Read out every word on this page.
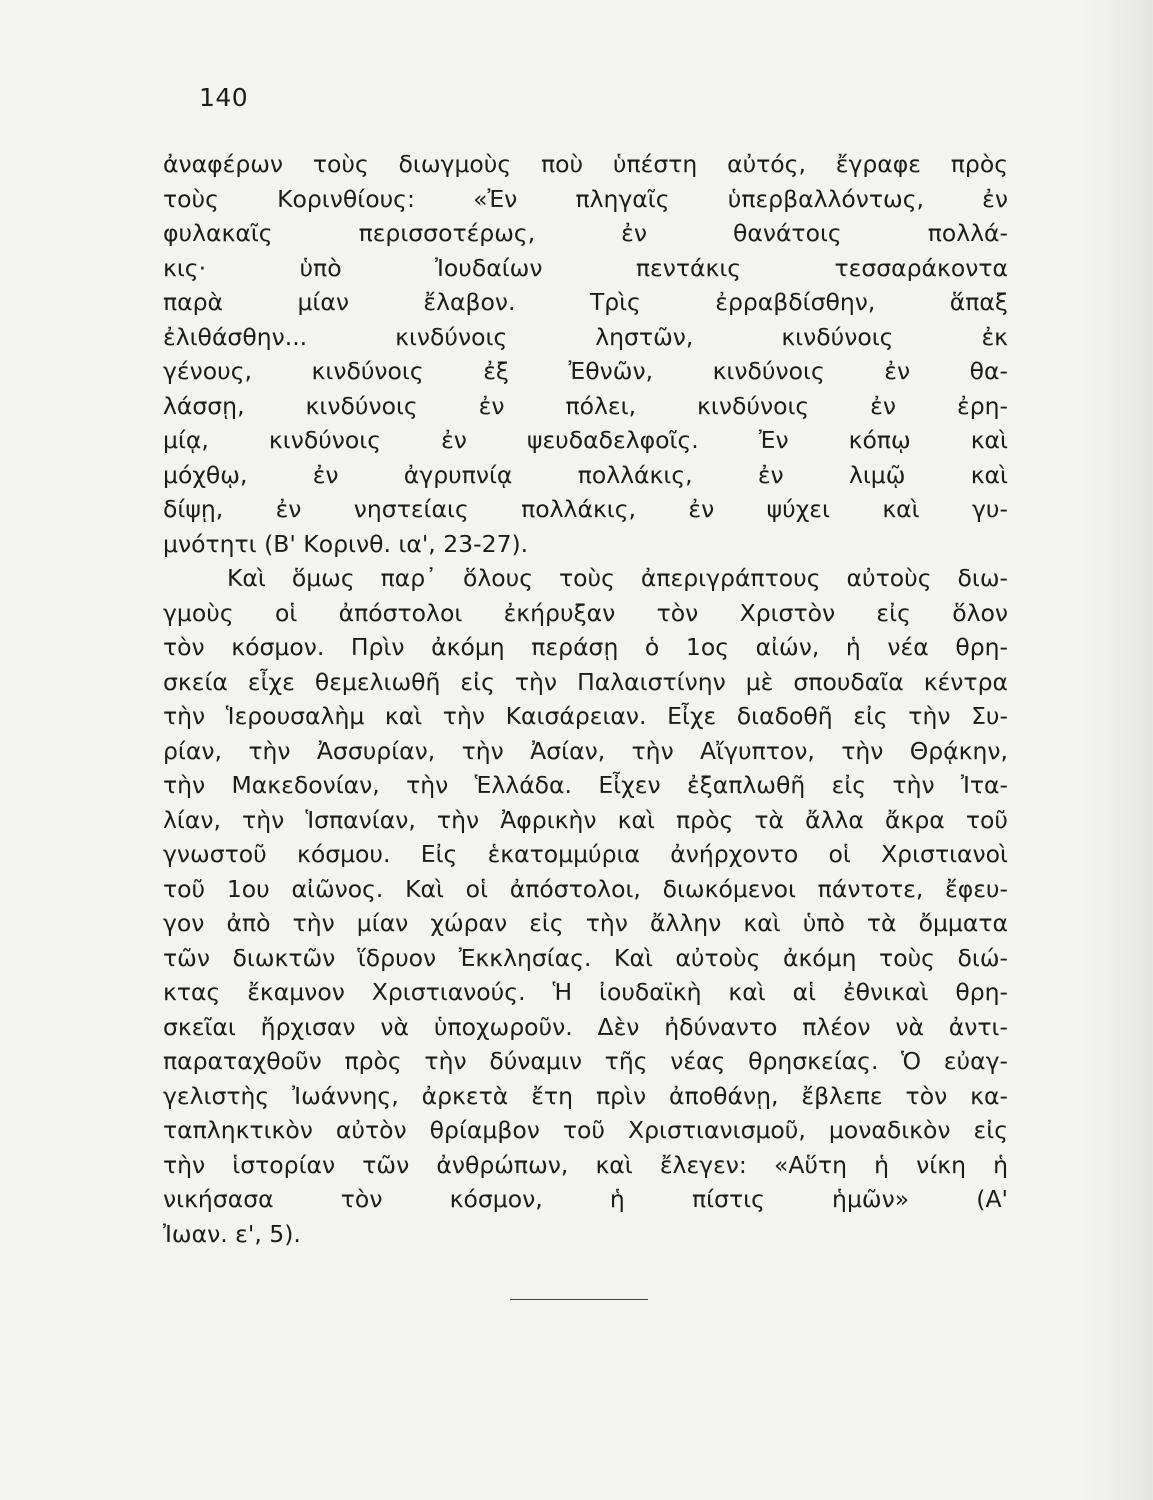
140
ἀναφέρων τοὺς διωγμοὺς ποὺ ὑπέστη αὐτός, ἔγραφε πρὸς
τοὺς Κορινθίους: «Ἐν πληγαῖς ὑπερβαλλόντως, ἐν
φυλακαῖς περισσοτέρως, ἐν θανάτοις πολλά-
κις· ὑπὸ Ἰουδαίων πεντάκις τεσσαράκοντα
παρὰ μίαν ἔλαβον. Τρὶς ἐρραβδίσθην, ἅπαξ
ἐλιθάσθην... κινδύνοις ληστῶν, κινδύνοις ἐκ
γένους, κινδύνοις ἐξ Ἐθνῶν, κινδύνοις ἐν θα-
λάσσῃ, κινδύνοις ἐν πόλει, κινδύνοις ἐν ἐρη-
μίᾳ, κινδύνοις ἐν ψευδαδελφοῖς. Ἐν κόπῳ καὶ
μόχθῳ, ἐν ἀγρυπνίᾳ πολλάκις, ἐν λιμῷ καὶ
δίψῃ, ἐν νηστείαις πολλάκις, ἐν ψύχει καὶ γυ-
μνότητι (Β' Κορινθ. ια', 23-27).
Καὶ ὅμως παρ᾿ ὅλους τοὺς ἀπεριγράπτους αὐτοὺς διω-
γμοὺς οἱ ἀπόστολοι ἐκήρυξαν τὸν Χριστὸν εἰς ὅλον
τὸν κόσμον. Πρὶν ἀκόμη περάσῃ ὁ 1ος αἰών, ἡ νέα θρη-
σκεία εἶχε θεμελιωθῆ εἰς τὴν Παλαιστίνην μὲ σπουδαῖα κέντρα
τὴν Ἱερουσαλὴμ καὶ τὴν Καισάρειαν. Εἶχε διαδοθῆ εἰς τὴν Συ-
ρίαν, τὴν Ἀσσυρίαν, τὴν Ἀσίαν, τὴν Αἴγυπτον, τὴν Θρᾴκην,
τὴν Μακεδονίαν, τὴν Ἑλλάδα. Εἶχεν ἐξαπλωθῆ εἰς τὴν Ἰτα-
λίαν, τὴν Ἱσπανίαν, τὴν Ἀφρικὴν καὶ πρὸς τὰ ἄλλα ἄκρα τοῦ
γνωστοῦ κόσμου. Εἰς ἑκατομμύρια ἀνήρχοντο οἱ Χριστιανοὶ
τοῦ 1ου αἰῶνος. Καὶ οἱ ἀπόστολοι, διωκόμενοι πάντοτε, ἔφευ-
γον ἀπὸ τὴν μίαν χώραν εἰς τὴν ἄλλην καὶ ὑπὸ τὰ ὄμματα
τῶν διωκτῶν ἵδρυον Ἐκκλησίας. Καὶ αὐτοὺς ἀκόμη τοὺς διώ-
κτας ἔκαμνον Χριστιανούς. Ἡ ἰουδαϊκὴ καὶ αἱ ἐθνικαὶ θρη-
σκεῖαι ἤρχισαν νὰ ὑποχωροῦν. Δὲν ἠδύναντο πλέον νὰ ἀντι-
παραταχθοῦν πρὸς τὴν δύναμιν τῆς νέας θρησκείας. Ὁ εὐαγ-
γελιστὴς Ἰωάννης, ἀρκετὰ ἔτη πρὶν ἀποθάνῃ, ἔβλεπε τὸν κα-
ταπληκτικὸν αὐτὸν θρίαμβον τοῦ Χριστιανισμοῦ, μοναδικὸν εἰς
τὴν ἱστορίαν τῶν ἀνθρώπων, καὶ ἔλεγεν: «Αὕτη ἡ νίκη ἡ
νικήσασα τὸν κόσμον, ἡ πίστις ἡμῶν» (Α'
Ἰωαν. ε', 5).
